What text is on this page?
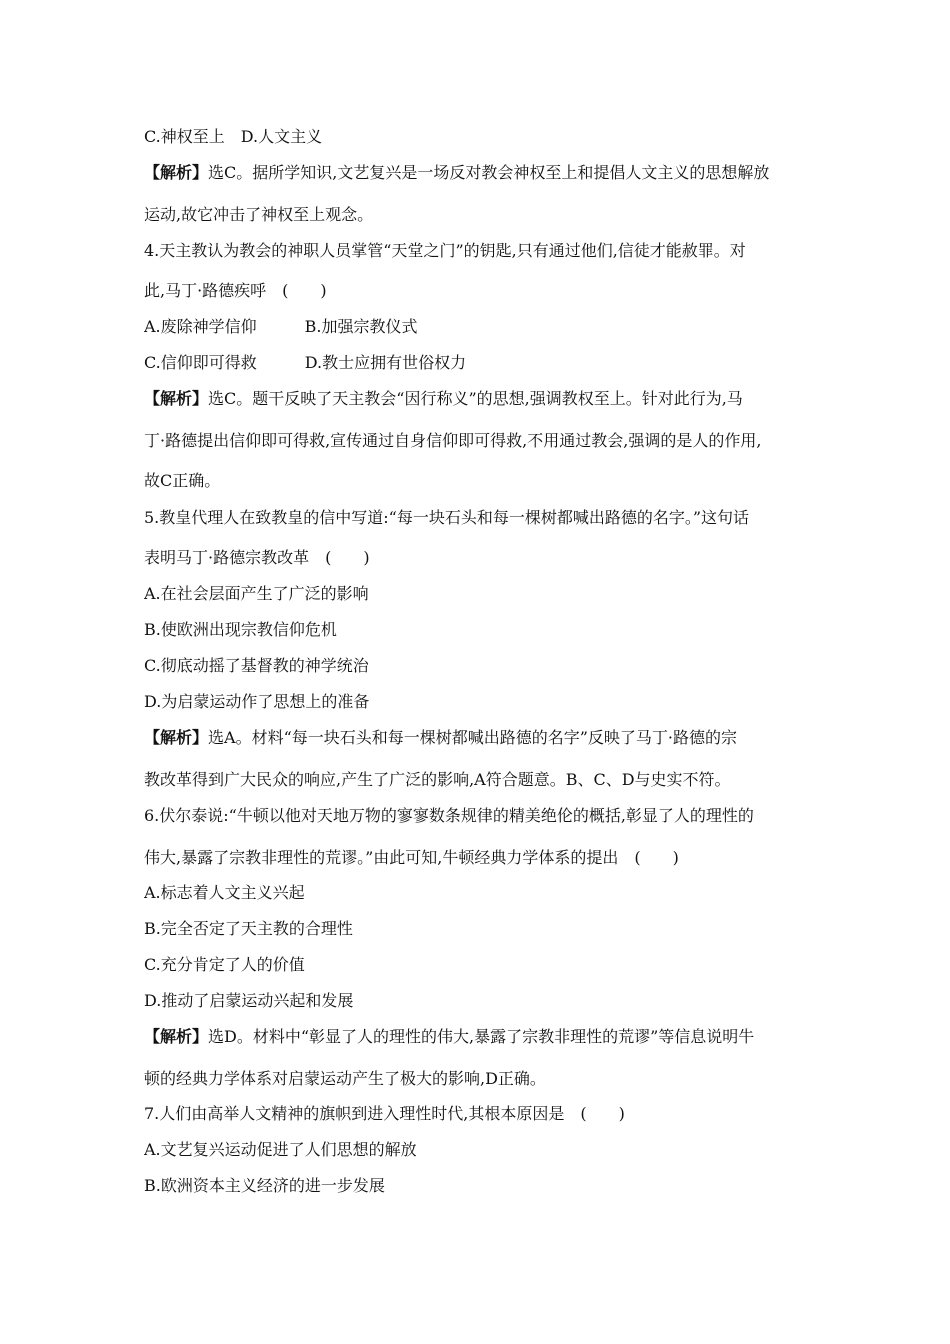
C.神权至上　D.人文主义
【解析】选C。据所学知识,文艺复兴是一场反对教会神权至上和提倡人文主义的思想解放
运动,故它冲击了神权至上观念。
4.天主教认为教会的神职人员掌管“天堂之门”的钥匙,只有通过他们,信徒才能赦罪。对
此,马丁·路德疾呼　(　　)
A.废除神学信仰	B.加强宗教仪式
C.信仰即可得救	D.教士应拥有世俗权力
【解析】选C。题干反映了天主教会“因行称义”的思想,强调教权至上。针对此行为,马
丁·路德提出信仰即可得救,宣传通过自身信仰即可得救,不用通过教会,强调的是人的作用,
故C正确。
5.教皇代理人在致教皇的信中写道:“每一块石头和每一棵树都喊出路德的名字。”这句话
表明马丁·路德宗教改革　(　　)
A.在社会层面产生了广泛的影响
B.使欧洲出现宗教信仰危机
C.彻底动摇了基督教的神学统治
D.为启蒙运动作了思想上的准备
【解析】选A。材料“每一块石头和每一棵树都喊出路德的名字”反映了马丁·路德的宗
教改革得到广大民众的响应,产生了广泛的影响,A符合题意。B、C、D与史实不符。
6.伏尔泰说:“牛顿以他对天地万物的寥寥数条规律的精美绝伦的概括,彰显了人的理性的
伟大,暴露了宗教非理性的荒谬。”由此可知,牛顿经典力学体系的提出　(　　)
A.标志着人文主义兴起
B.完全否定了天主教的合理性
C.充分肯定了人的价值
D.推动了启蒙运动兴起和发展
【解析】选D。材料中“彰显了人的理性的伟大,暴露了宗教非理性的荒谬”等信息说明牛
顿的经典力学体系对启蒙运动产生了极大的影响,D正确。
7.人们由高举人文精神的旗帜到进入理性时代,其根本原因是　(　　)
A.文艺复兴运动促进了人们思想的解放
B.欧洲资本主义经济的进一步发展
